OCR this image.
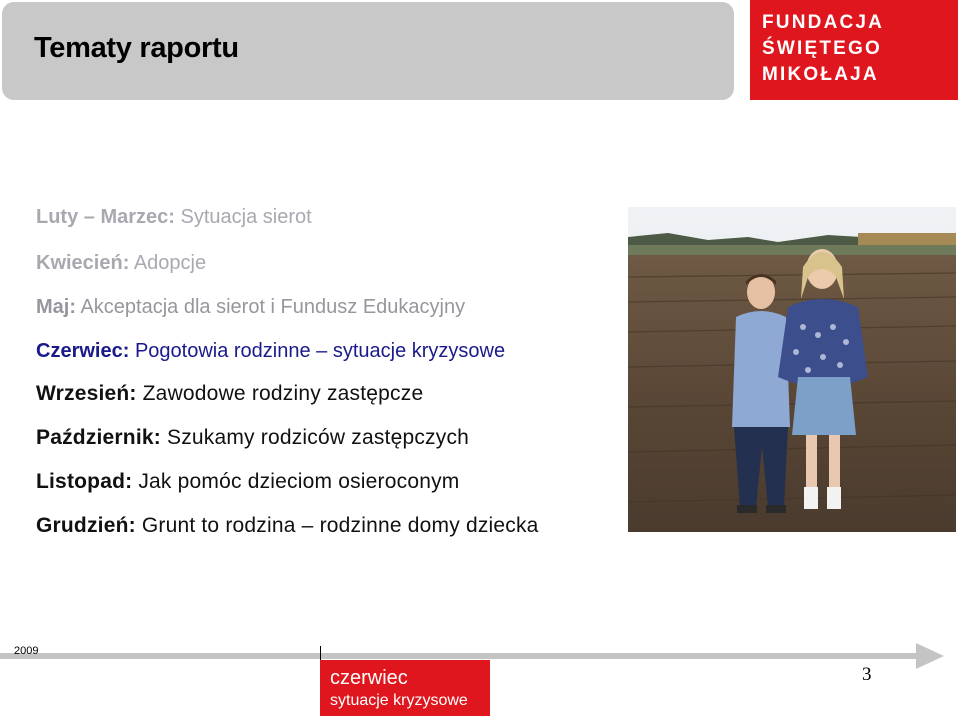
Tematy raportu
FUNDACJA
ŚWIĘTEGO
MIKOŁAJA
Luty – Marzec: Sytuacja sierot
Kwiecień: Adopcje
Maj: Akceptacja dla sierot i Fundusz Edukacyjny
Czerwiec: Pogotowia rodzinne – sytuacje kryzysowe
Wrzesień: Zawodowe rodziny zastępcze
Październik: Szukamy rodziców zastępczych
Listopad: Jak pomóc dzieciom osieroconym
Grudzień: Grunt to rodzina – rodzinne domy dziecka
2009
czerwiec
sytuacje kryzysowe
3
